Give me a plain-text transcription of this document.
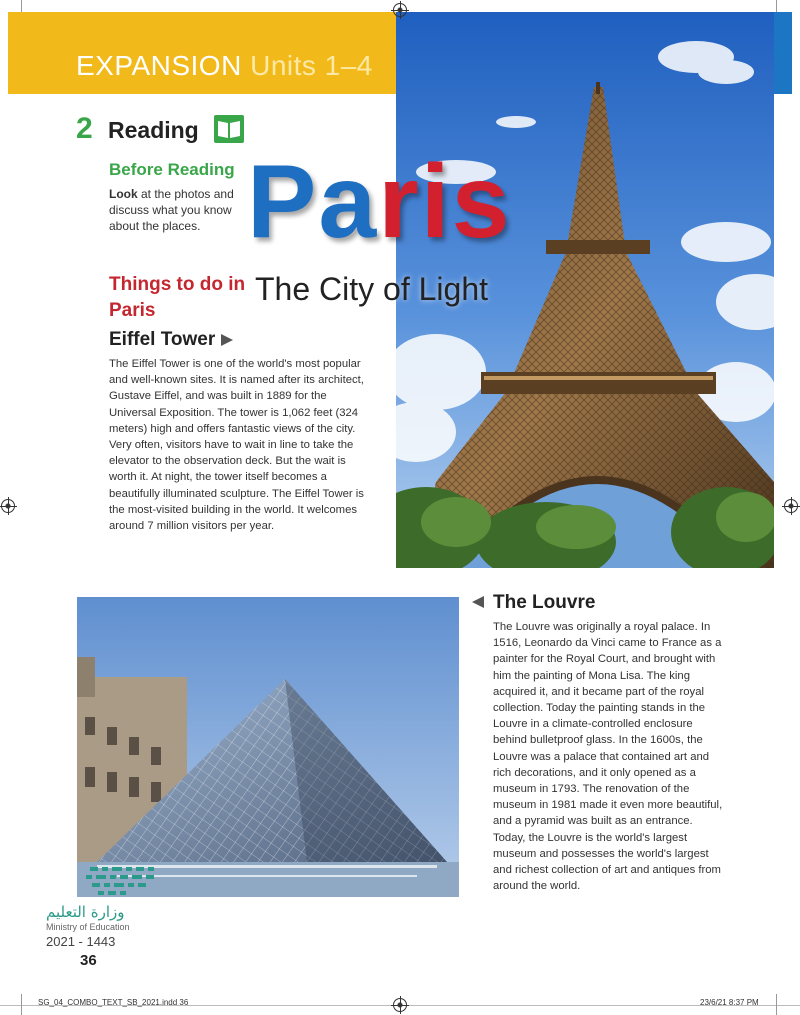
EXPANSION Units 1–4
2 Reading
Before Reading
Look at the photos and discuss what you know about the places. Paris
The City of Light
Things to do in Paris
Eiffel Tower
The Eiffel Tower is one of the world's most popular and well-known sites. It is named after its architect, Gustave Eiffel, and was built in 1889 for the Universal Exposition. The tower is 1,062 feet (324 meters) high and offers fantastic views of the city. Very often, visitors have to wait in line to take the elevator to the observation deck. But the wait is worth it. At night, the tower itself becomes a beautifully illuminated sculpture. The Eiffel Tower is the most-visited building in the world. It welcomes around 7 million visitors per year.
The Louvre
The Louvre was originally a royal palace. In 1516, Leonardo da Vinci came to France as a painter for the Royal Court, and brought with him the painting of Mona Lisa. The king acquired it, and it became part of the royal collection. Today the painting stands in the Louvre in a climate-controlled enclosure behind bulletproof glass. In the 1600s, the Louvre was a palace that contained art and rich decorations, and it only opened as a museum in 1793. The renovation of the museum in 1981 made it even more beautiful, and a pyramid was built as an entrance. Today, the Louvre is the world's largest museum and possesses the world's largest and richest collection of art and antiques from around the world.
وزارة التعليم
Ministry of Education
2021 - 1443
36
SG_04_COMBO_TEXT_SB_2021.indd 36	23/6/21 8:37 PM
